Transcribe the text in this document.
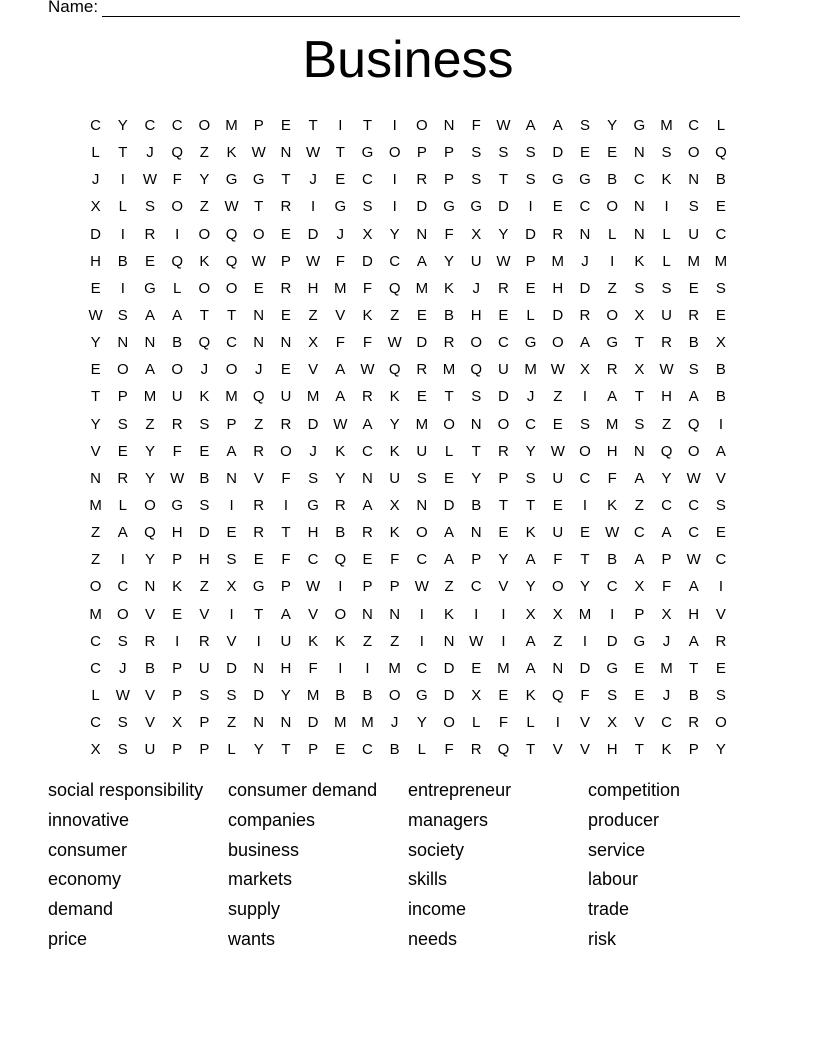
Name:
Business
C	Y	C	C	O	M	P	E	T	I	T	I	O	N	F	W	A	A	S	Y	G	M	C	L
L	T	J	Q	Z	K	W N W	T	G	O	P	P	S	S	S	D	E	E	N	S	O	Q
J	I	W	F	Y	G	G	T	J	E	C	I	R	P	S	T	S	G	G	B	C	K	N	B
X	L	S	O	Z	W	T	R	I	G	S	I	D	G	G	D	I	E	C	O	N	I	S	E
D	I	R	I	O	Q	O	E	D	J	X	Y	N	F	X	Y	D	R	N	L	N	L	U	C
H	B	E	Q	K	Q W	P	W	F	D	C	A	Y	U W	P	M	J	I	K	L	M M
E	I	G	L	O	O	E	R	H	M	F	Q	M	K	J	R	E	H	D	Z	S	S	E	S
W	S	A	A	T	T	N	E	Z	V	K	Z	E	B	H	E	L	D	R	O	X	U	R	E
Y	N	N	B	Q	C	N	N	X	F	F	W D	R	O	C	G	O	A	G	T	R	B	X
E	O	A	O	J	O	J	E	V	A	W Q	R	M	Q	U	M W	X	R	X	W	S	B
T	P	M	U	K	M	Q	U	M	A	R	K	E	T	S	D	J	Z	I	A	T	H	A	B
Y	S	Z	R	S	P	Z	R	D W	A	Y	M	O	N	O	C	E	S	M	S	Z	Q	I
V	E	Y	F	E	A	R	O	J	K	C	K	U	L	T	R	Y	W O	H	N	Q	O	A
N	R	Y	W	B	N	V	F	S	Y	N	U	S	E	Y	P	S	U	C	F	A	Y	W	V
M	L	O	G	S	I	R	I	G	R	A	X	N	D	B	T	T	E	I	K	Z	C	C	S
Z	A	Q	H	D	E	R	T	H	B	R	K	O	A	N	E	K	U	E	W C	A	C	E
Z	I	Y	P	H	S	E	F	C	Q	E	F	C	A	P	Y	A	F	T	B	A	P	W C
O	C	N	K	Z	X	G	P	W	I	P	P	W	Z	C	V	Y	O	Y	C	X	F	A	I
M	O	V	E	V	I	T	A	V	O	N	N	I	K	I	I	X	X	M	I	P	X	H	V
C	S	R	I	R	V	I	U	K	K	Z	Z	I	N W	I	A	Z	I	D	G	J	A	R
C	J	B	P	U	D	N	H	F	I	I	M	C	D	E	M	A	N	D	G	E	M	T	E
L	W	V	P	S	S	D	Y	M	B	B	O	G	D	X	E	K	Q	F	S	E	J	B	S
C	S	V	X	P	Z	N	N	D	M M	J	Y	O	L	F	L	I	V	X	V	C	R	O
X	S	U	P	P	L	Y	T	P	E	C	B	L	F	R	Q	T	V	V	H	T	K	P	Y
social responsibility	consumer demand	entrepreneur	competition
innovative	companies	managers	producer
consumer	business	society	service
economy	markets	skills	labour
demand	supply	income	trade
price	wants	needs	risk
